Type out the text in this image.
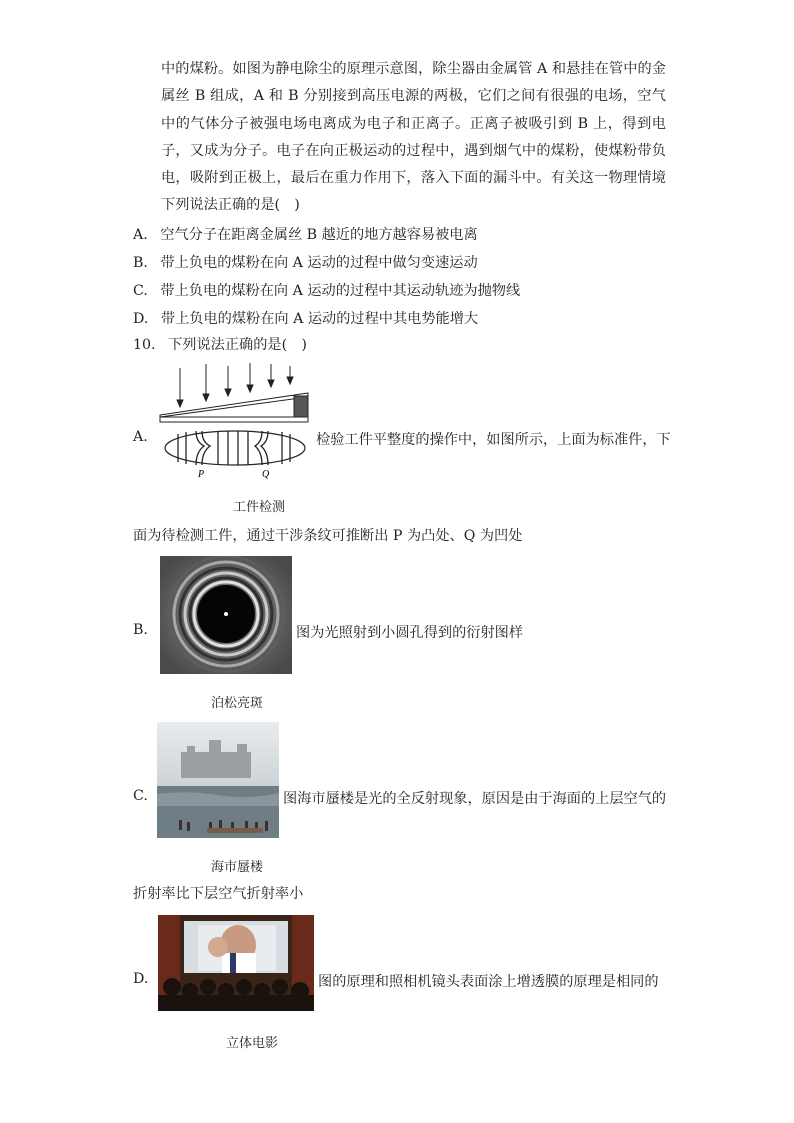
中的煤粉。如图为静电除尘的原理示意图，除尘器由金属管 A 和悬挂在管中的金属丝 B 组成，A 和 B 分别接到高压电源的两极，它们之间有很强的电场，空气中的气体分子被强电场电离成为电子和正离子。正离子被吸引到 B 上，得到电子，又成为分子。电子在向正极运动的过程中，遇到烟气中的煤粉，使煤粉带负电，吸附到正极上，最后在重力作用下，落入下面的漏斗中。有关这一物理情境下列说法正确的是(　)
A. 空气分子在距离金属丝 B 越近的地方越容易被电离
B. 带上负电的煤粉在向 A 运动的过程中做匀变速运动
C. 带上负电的煤粉在向 A 运动的过程中其运动轨迹为抛物线
D. 带上负电的煤粉在向 A 运动的过程中其电势能增大
10. 下列说法正确的是(　)
A.
P	Q
检验工件平整度的操作中，如图所示，上面为标准件，下
工件检测
面为待检测工件，通过干涉条纹可推断出 P 为凸处、Q 为凹处
B.	图为光照射到小圆孔得到的衍射图样
泊松亮斑
C.	图海市蜃楼是光的全反射现象，原因是由于海面的上层空气的
海市蜃楼
折射率比下层空气折射率小
D.	图的原理和照相机镜头表面涂上增透膜的原理是相同的
立体电影
